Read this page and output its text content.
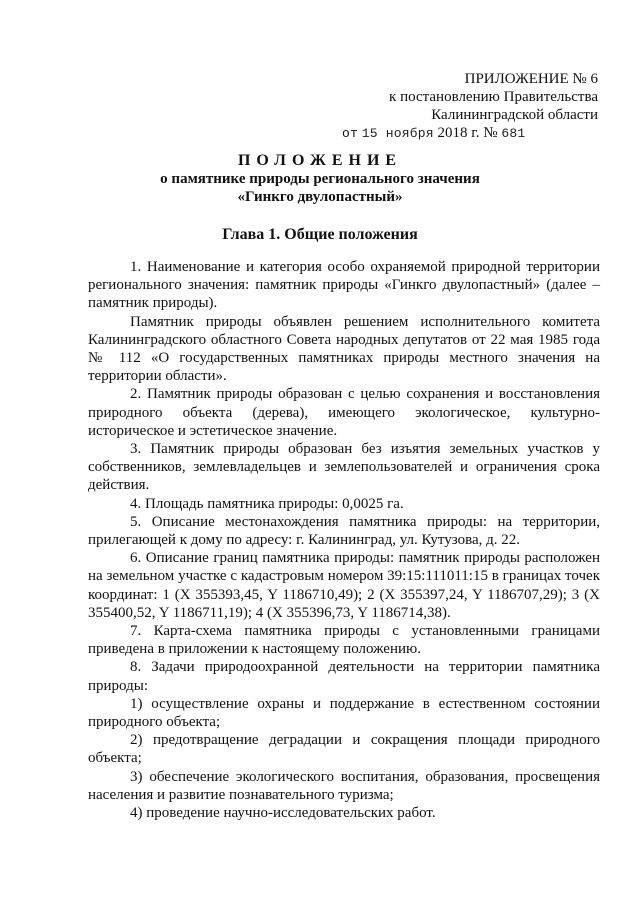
ПРИЛОЖЕНИЕ № 6
к постановлению Правительства
Калининградской области
от 15 ноября 2018 г. № 681
ПОЛОЖЕНИЕ
о памятнике природы регионального значения
«Гинкго двулопастный»
Глава 1. Общие положения

1. Наименование и категория особо охраняемой природной территории регионального значения: памятник природы «Гинкго двулопастный» (далее – памятник природы).

Памятник природы объявлен решением исполнительного комитета Калининградского областного Совета народных депутатов от 22 мая 1985 года № 112 «О государственных памятниках природы местного значения на территории области».

2. Памятник природы образован с целью сохранения и восстановления природного объекта (дерева), имеющего экологическое, культурно-историческое и эстетическое значение.

3. Памятник природы образован без изъятия земельных участков у собственников, землевладельцев и землепользователей и ограничения срока действия.

4. Площадь памятника природы: 0,0025 га.

5. Описание местонахождения памятника природы: на территории, прилегающей к дому по адресу: г. Калининград, ул. Кутузова, д. 22.

6. Описание границ памятника природы: памятник природы расположен на земельном участке с кадастровым номером 39:15:111011:15 в границах точек координат: 1 (X 355393,45, Y 1186710,49); 2 (X 355397,24, Y 1186707,29); 3 (X 355400,52, Y 1186711,19); 4 (X 355396,73, Y 1186714,38).

7. Карта-схема памятника природы с установленными границами приведена в приложении к настоящему положению.

8. Задачи природоохранной деятельности на территории памятника природы:

1) осуществление охраны и поддержание в естественном состоянии природного объекта;

2) предотвращение деградации и сокращения площади природного объекта;

3) обеспечение экологического воспитания, образования, просвещения населения и развитие познавательного туризма;

4) проведение научно-исследовательских работ.
